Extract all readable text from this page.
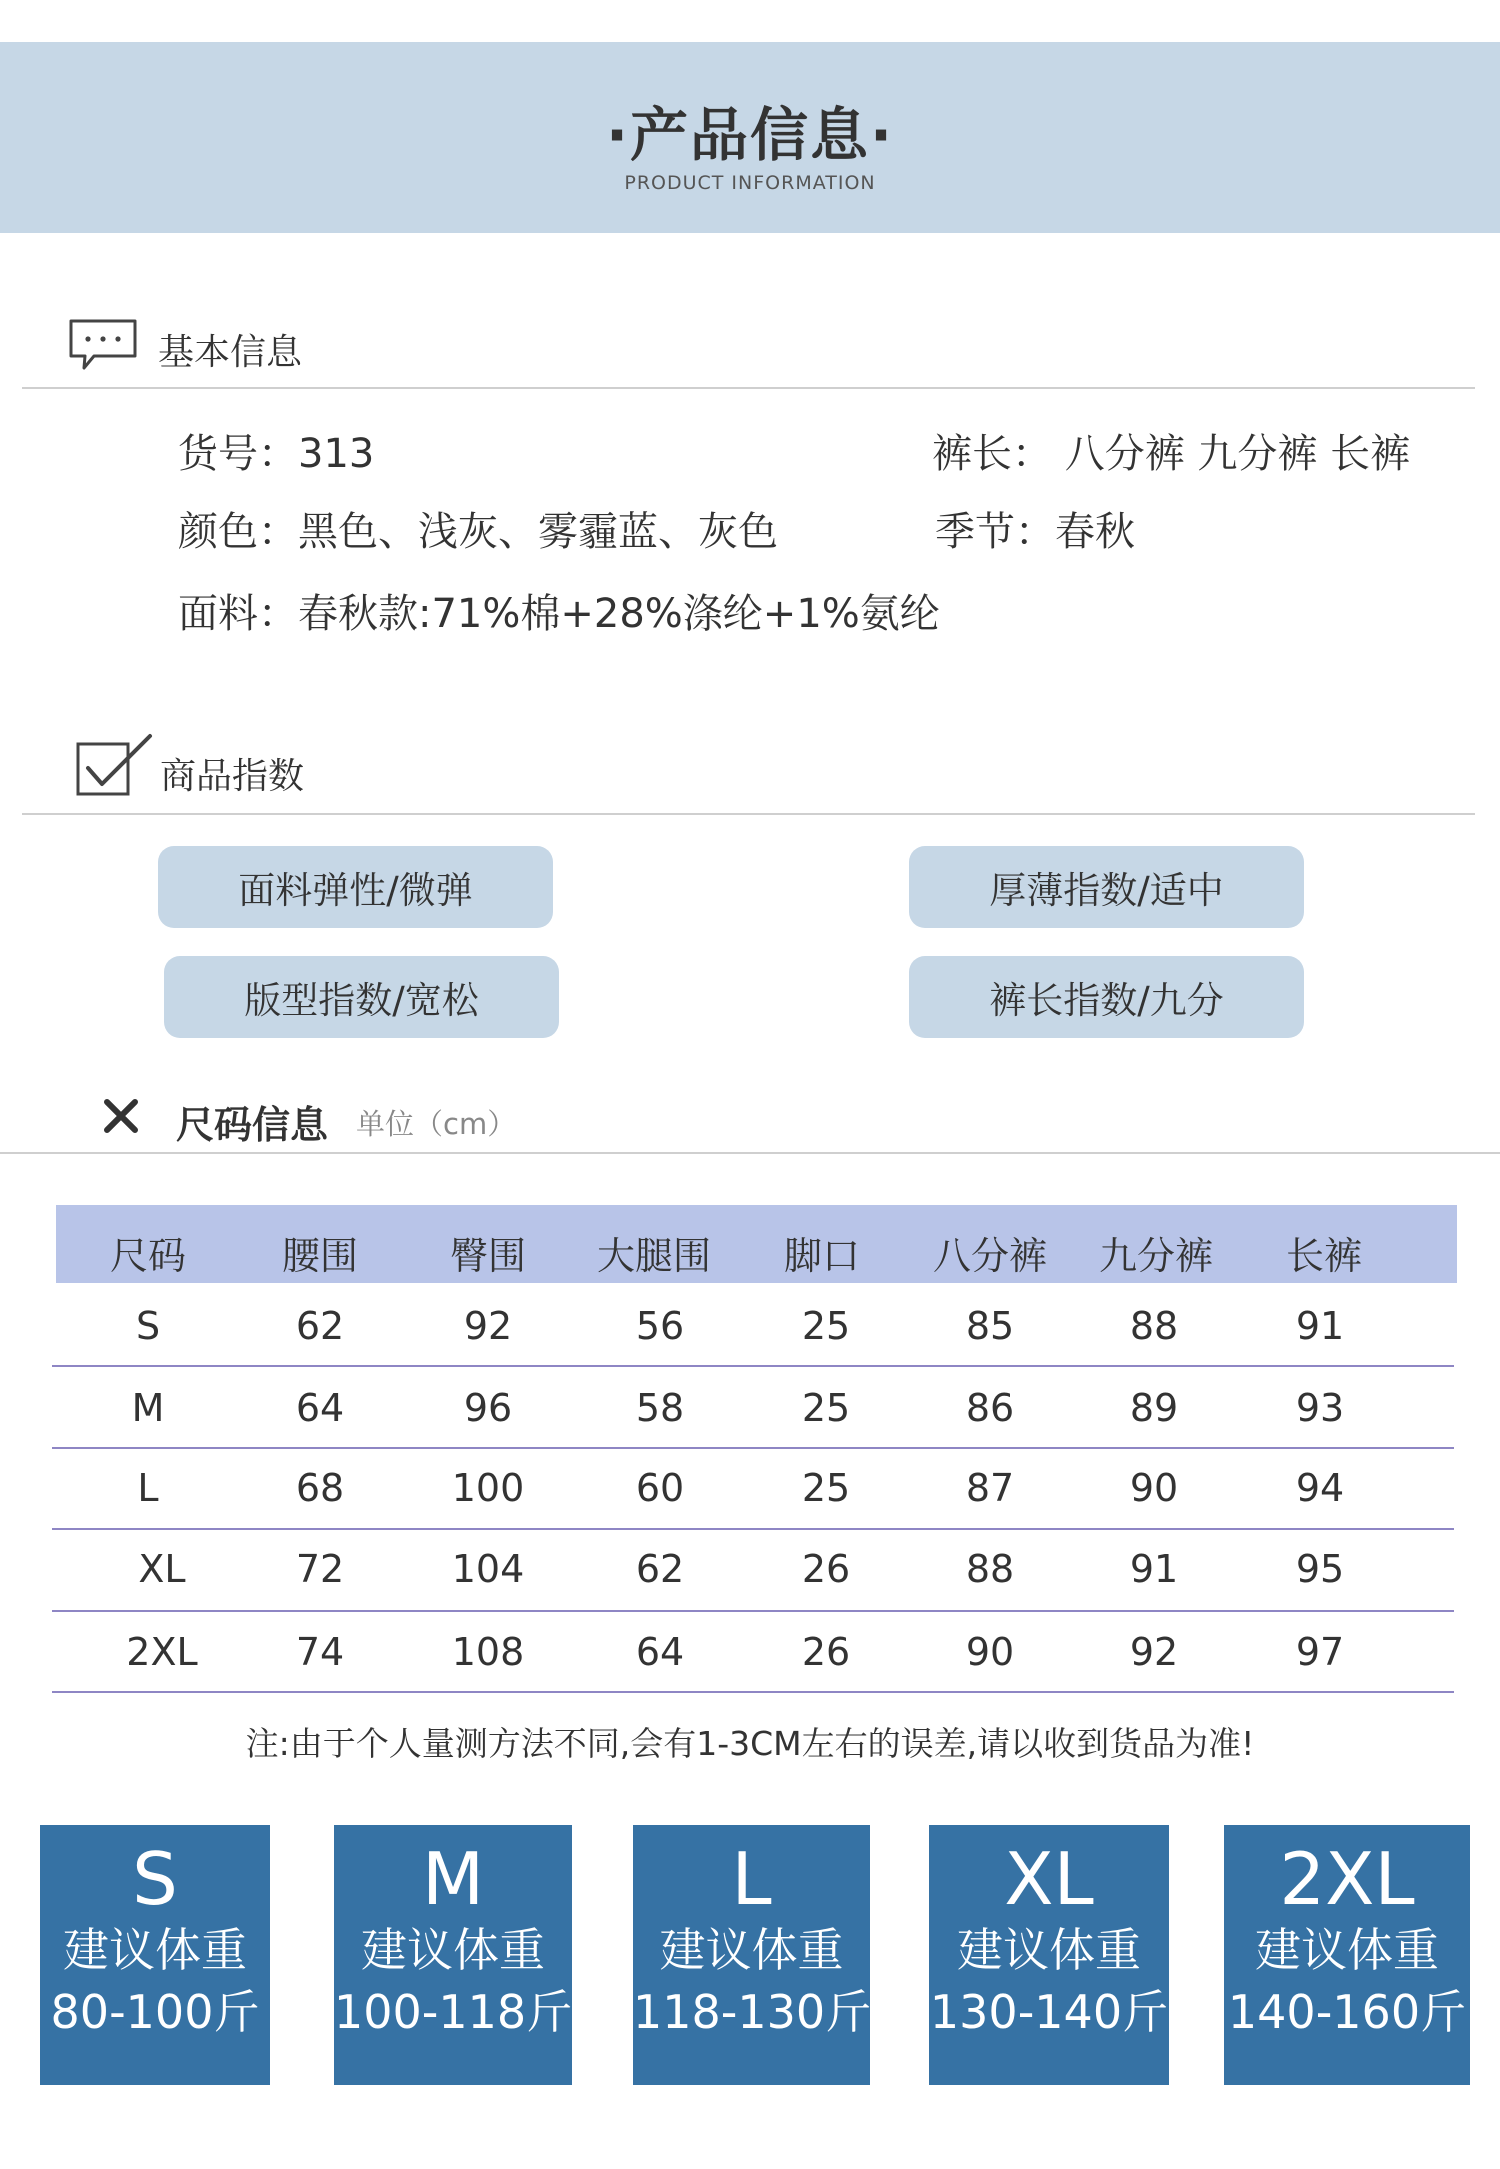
·产品信息·
PRODUCT INFORMATION
基本信息
货号：313	裤长： 八分裤 九分裤 长裤
颜色：黑色、浅灰、雾霾蓝、灰色	季节：春秋
面料：春秋款:71%棉+28%涤纶+1%氨纶
商品指数
面料弹性/微弹	厚薄指数/适中
版型指数/宽松	裤长指数/九分
尺码信息 单位（cm）
尺码	腰围	臀围	大腿围	脚口	八分裤	九分裤	长裤
S	62	92	56	25	85	88	91
M	64	96	58	25	86	89	93
L	68	100	60	25	87	90	94
XL	72	104	62	26	88	91	95
2XL	74	108	64	26	90	92	97
注:由于个人量测方法不同,会有1-3CM左右的误差,请以收到货品为准!
S
建议体重
80-100斤
M
建议体重
100-118斤
L
建议体重
118-130斤
XL
建议体重
130-140斤
2XL
建议体重
140-160斤
